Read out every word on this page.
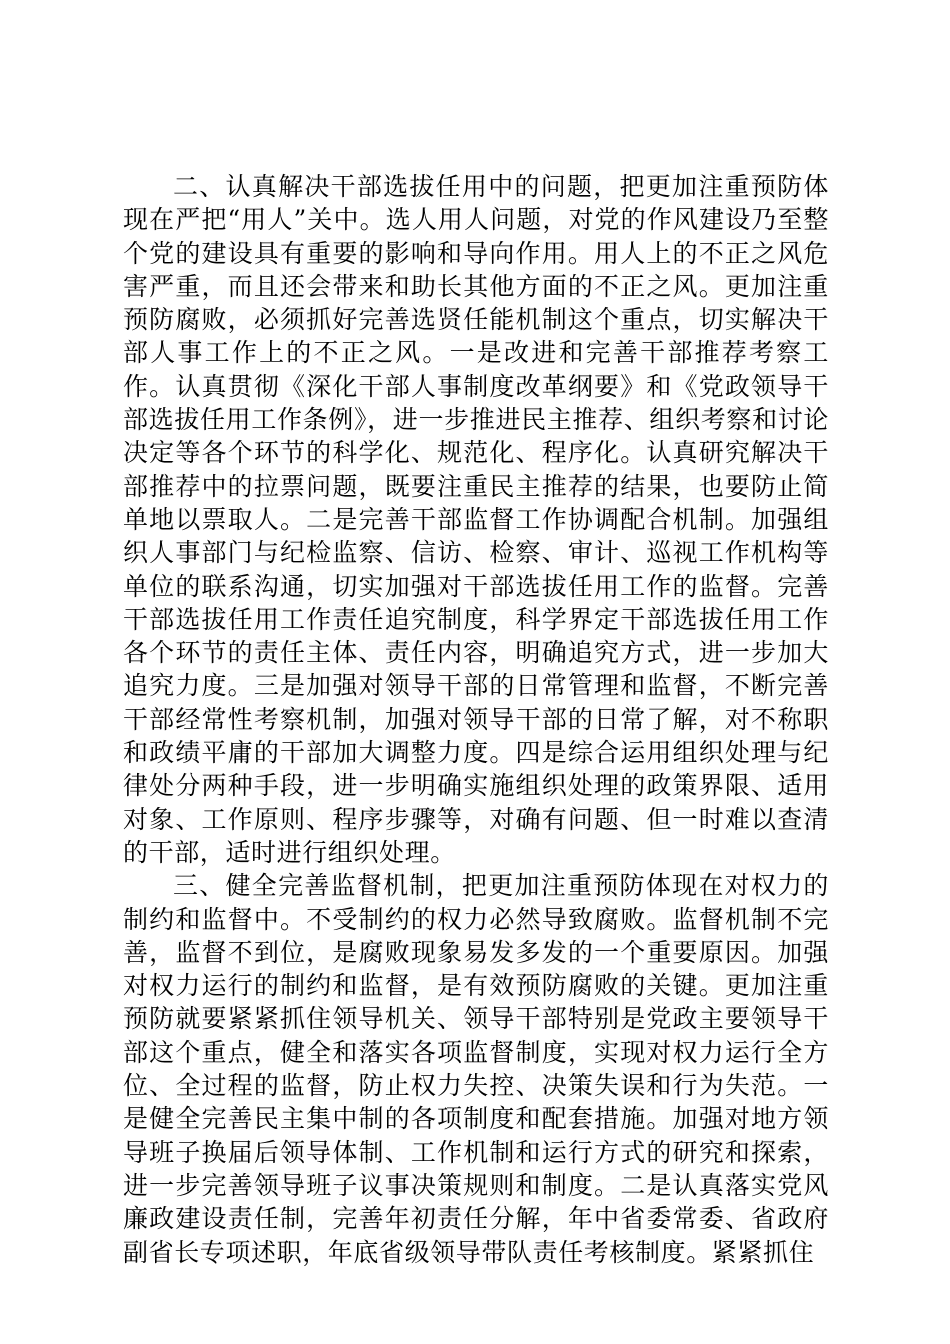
二、认真解决干部选拔任用中的问题，把更加注重预防体现在严把“用人”关中。选人用人问题，对党的作风建设乃至整个党的建设具有重要的影响和导向作用。用人上的不正之风危害严重，而且还会带来和助长其他方面的不正之风。更加注重预防腐败，必须抓好完善选贤任能机制这个重点，切实解决干部人事工作上的不正之风。一是改进和完善干部推荐考察工作。认真贯彻《深化干部人事制度改革纲要》和《党政领导干部选拔任用工作条例》，进一步推进民主推荐、组织考察和讨论决定等各个环节的科学化、规范化、程序化。认真研究解决干部推荐中的拉票问题，既要注重民主推荐的结果，也要防止简单地以票取人。二是完善干部监督工作协调配合机制。加强组织人事部门与纪检监察、信访、检察、审计、巡视工作机构等单位的联系沟通，切实加强对干部选拔任用工作的监督。完善干部选拔任用工作责任追究制度，科学界定干部选拔任用工作各个环节的责任主体、责任内容，明确追究方式，进一步加大追究力度。三是加强对领导干部的日常管理和监督，不断完善干部经常性考察机制，加强对领导干部的日常了解，对不称职和政绩平庸的干部加大调整力度。四是综合运用组织处理与纪律处分两种手段，进一步明确实施组织处理的政策界限、适用对象、工作原则、程序步骤等，对确有问题、但一时难以查清的干部，适时进行组织处理。

三、健全完善监督机制，把更加注重预防体现在对权力的制约和监督中。不受制约的权力必然导致腐败。监督机制不完善，监督不到位，是腐败现象易发多发的一个重要原因。加强对权力运行的制约和监督，是有效预防腐败的关键。更加注重预防就要紧紧抓住领导机关、领导干部特别是党政主要领导干部这个重点，健全和落实各项监督制度，实现对权力运行全方位、全过程的监督，防止权力失控、决策失误和行为失范。一是健全完善民主集中制的各项制度和配套措施。加强对地方领导班子换届后领导体制、工作机制和运行方式的研究和探索，进一步完善领导班子议事决策规则和制度。二是认真落实党风廉政建设责任制，完善年初责任分解，年中省委常委、省政府副省长专项述职，年底省级领导带队责任考核制度。紧紧抓住
